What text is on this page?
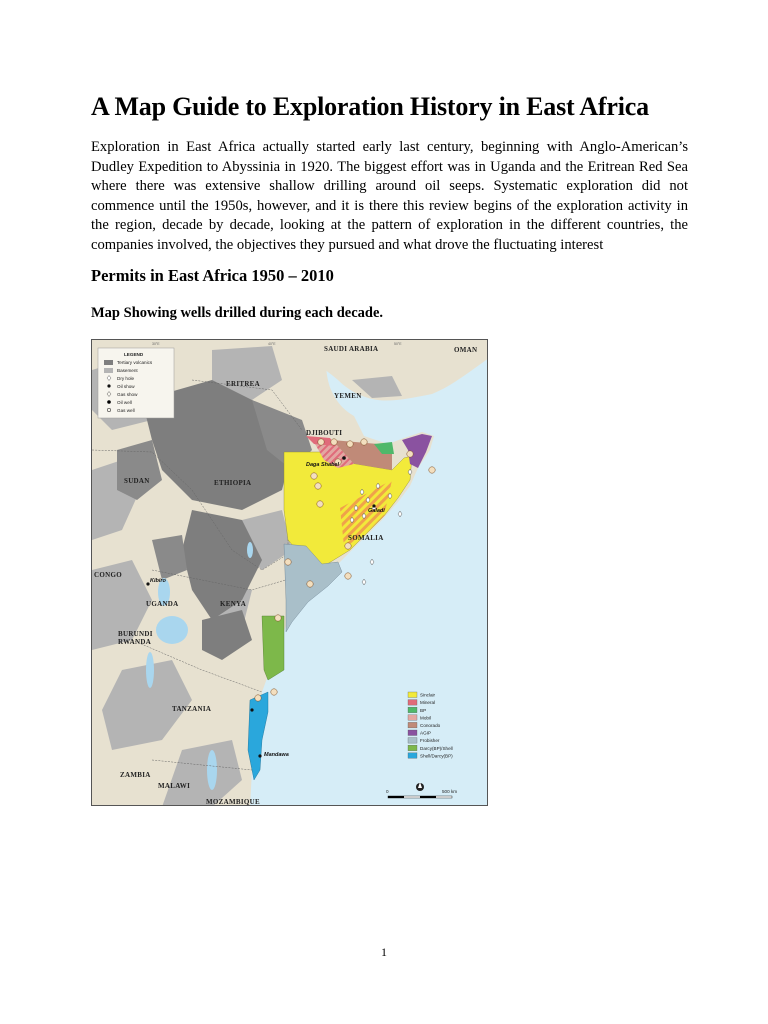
A Map Guide to Exploration History in East Africa

Exploration in East Africa actually started early last century, beginning with Anglo-American’s Dudley Expedition to Abyssinia in 1920. The biggest effort was in Uganda and the Eritrean Red Sea where there was extensive shallow drilling around oil seeps. Systematic exploration did not commence until the 1950s, however, and it is there this review begins of the exploration activity in the region, decade by decade, looking at the pattern of exploration in the different countries, the companies involved, the objectives they pursued and what drove the fluctuating interest

Permits in East Africa 1950 – 2010

Map Showing wells drilled during each decade.

LEGEND
Tertiary volcanics
Basement
Dry hole
Oil show
Gas show
Oil well
Gas well
SAUDI ARABIA	OMAN
ERITREA
YEMEN
DJIBOUTI
SUDAN	ETHIOPIA
SOMALIA
CONGO
UGANDA	KENYA
RWANDA
BURUNDI
TANZANIA
ZAMBIA
MALAWI
MOZAMBIQUE
Daga Shabel
Galadi
Kibiro
Mandawa
Sinclair
Mineral
BP
Mobil
Conorado
AGIP
Frobisher
Darcy(BP)/Shell
Shell/Darcy(BP)
0	500 km
30°E	40°E	50°E

1
